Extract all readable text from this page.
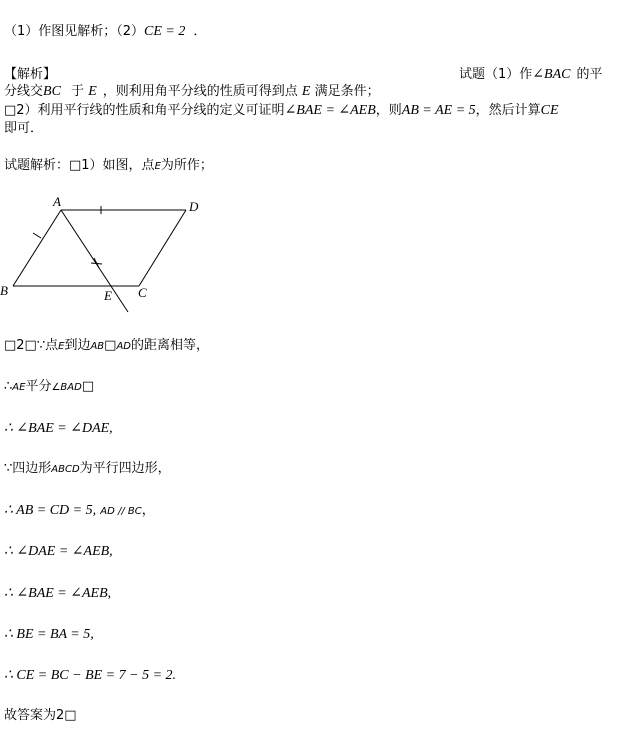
（1）作图见解析；（2）CE = 2 ．
【解析】	试题（1）作∠BAC 的平
分线交BC 于 E ，则利用角平分线的性质可得到点 E 满足条件；
□2）利用平行线的性质和角平分线的定义可证明∠BAE = ∠AEB，则AB = AE = 5，然后计算CE
即可．
试题解析：□1）如图，点E为所作；
A
B	C
E
D
□2□∵点E到边AB□AD的距离相等，
∴AE平分∠BAD□
∴ ∠BAE = ∠DAE,
∵四边形ABCD为平行四边形，
∴ AB = CD = 5, AD // BC，
∴ ∠DAE = ∠AEB,
∴ ∠BAE = ∠AEB,
∴ BE = BA = 5,
∴ CE = BC − BE = 7 − 5 = 2.
故答案为2□
